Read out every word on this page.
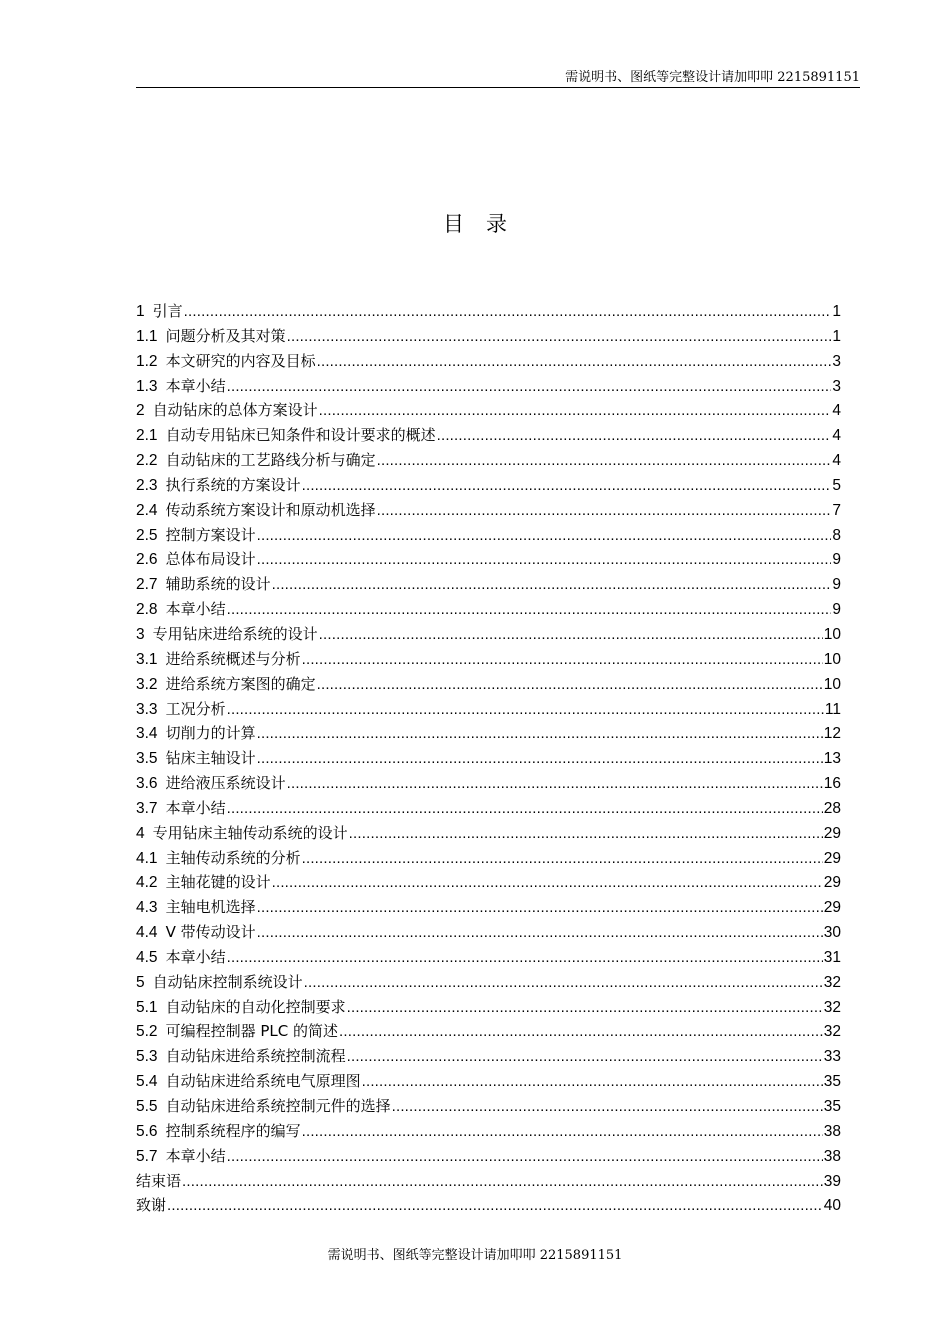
需说明书、图纸等完整设计请加叩叩 2215891151
目录
1 引言 .....	1
1.1 问题分析及其对策 .....	1
1.2 本文研究的内容及目标 .....	3
1.3 本章小结 .....	3
2 自动钻床的总体方案设计 .....	4
2.1 自动专用钻床已知条件和设计要求的概述 .....	4
2.2 自动钻床的工艺路线分析与确定 .....	4
2.3 执行系统的方案设计 .....	5
2.4 传动系统方案设计和原动机选择 .....	7
2.5 控制方案设计 .....	8
2.6 总体布局设计 .....	9
2.7 辅助系统的设计 .....	9
2.8 本章小结 .....	9
3 专用钻床进给系统的设计 .....	10
3.1 进给系统概述与分析 .....	10
3.2 进给系统方案图的确定 .....	10
3.3 工况分析 .....	11
3.4 切削力的计算 .....	12
3.5 钻床主轴设计 .....	13
3.6 进给液压系统设计 .....	16
3.7 本章小结 .....	28
4 专用钻床主轴传动系统的设计 .....	29
4.1 主轴传动系统的分析 .....	29
4.2 主轴花键的设计 .....	29
4.3 主轴电机选择 .....	29
4.4 V 带传动设计 .....	30
4.5 本章小结 .....	31
5 自动钻床控制系统设计 .....	32
5.1 自动钻床的自动化控制要求 .....	32
5.2 可编程控制器 PLC 的简述 .....	32
5.3 自动钻床进给系统控制流程 .....	33
5.4 自动钻床进给系统电气原理图 .....	35
5.5 自动钻床进给系统控制元件的选择 .....	35
5.6 控制系统程序的编写 .....	38
5.7 本章小结 .....	38
结束语 .....	39
致谢 .....	40
需说明书、图纸等完整设计请加叩叩 2215891151
